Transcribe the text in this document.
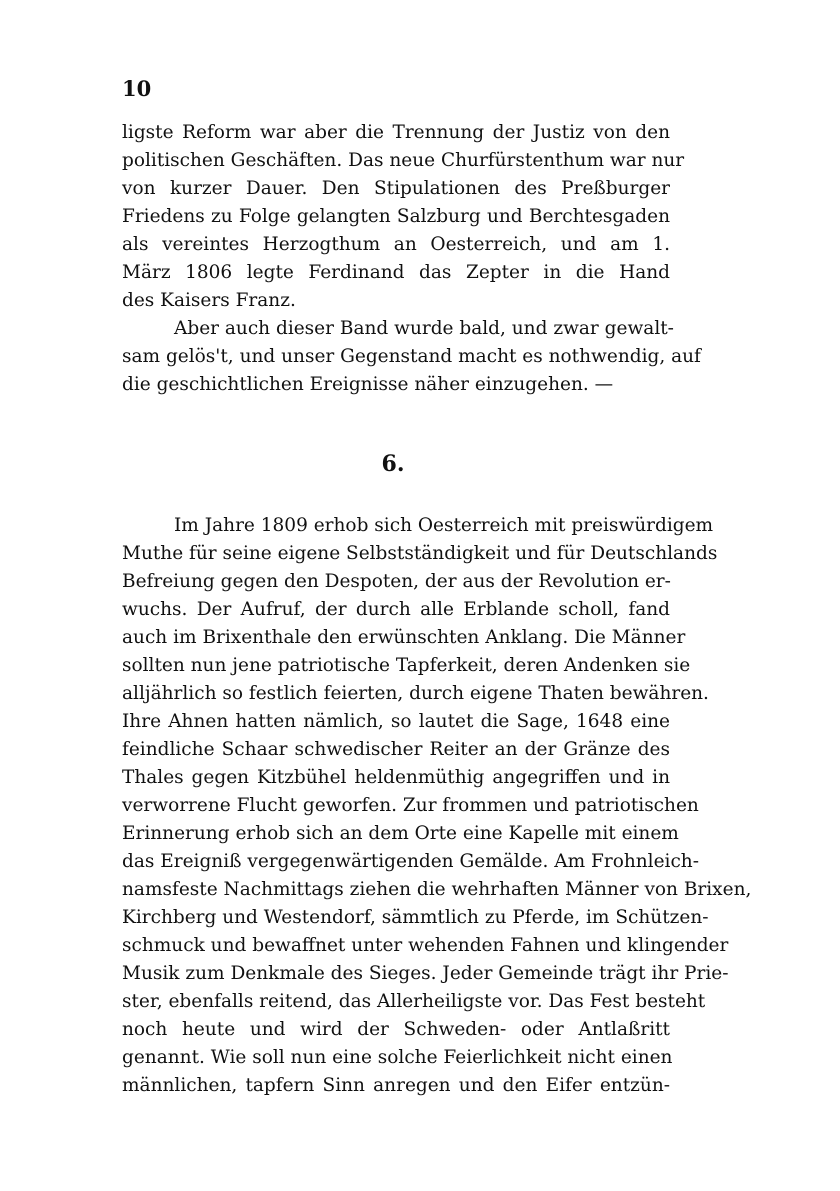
10
ligste Reform war aber die Trennung der Justiz von den
politischen Geschäften. Das neue Churfürstenthum war nur
von kurzer Dauer. Den Stipulationen des Preßburger
Friedens zu Folge gelangten Salzburg und Berchtesgaden
als vereintes Herzogthum an Oesterreich, und am 1.
März 1806 legte Ferdinand das Zepter in die Hand
des Kaisers Franz.
Aber auch dieser Band wurde bald, und zwar gewalt-
sam gelös't, und unser Gegenstand macht es nothwendig, auf
die geschichtlichen Ereignisse näher einzugehen. —
6.
Im Jahre 1809 erhob sich Oesterreich mit preiswürdigem
Muthe für seine eigene Selbstständigkeit und für Deutschlands
Befreiung gegen den Despoten, der aus der Revolution er-
wuchs. Der Aufruf, der durch alle Erblande scholl, fand
auch im Brixenthale den erwünschten Anklang. Die Männer
sollten nun jene patriotische Tapferkeit, deren Andenken sie
alljährlich so festlich feierten, durch eigene Thaten bewähren.
Ihre Ahnen hatten nämlich, so lautet die Sage, 1648 eine
feindliche Schaar schwedischer Reiter an der Gränze des
Thales gegen Kitzbühel heldenmüthig angegriffen und in
verworrene Flucht geworfen. Zur frommen und patriotischen
Erinnerung erhob sich an dem Orte eine Kapelle mit einem
das Ereigniß vergegenwärtigenden Gemälde. Am Frohnleich-
namsfeste Nachmittags ziehen die wehrhaften Männer von Brixen,
Kirchberg und Westendorf, sämmtlich zu Pferde, im Schützen-
schmuck und bewaffnet unter wehenden Fahnen und klingender
Musik zum Denkmale des Sieges. Jeder Gemeinde trägt ihr Prie-
ster, ebenfalls reitend, das Allerheiligste vor. Das Fest besteht
noch heute und wird der Schweden- oder Antlaßritt
genannt. Wie soll nun eine solche Feierlichkeit nicht einen
männlichen, tapfern Sinn anregen und den Eifer entzün-
